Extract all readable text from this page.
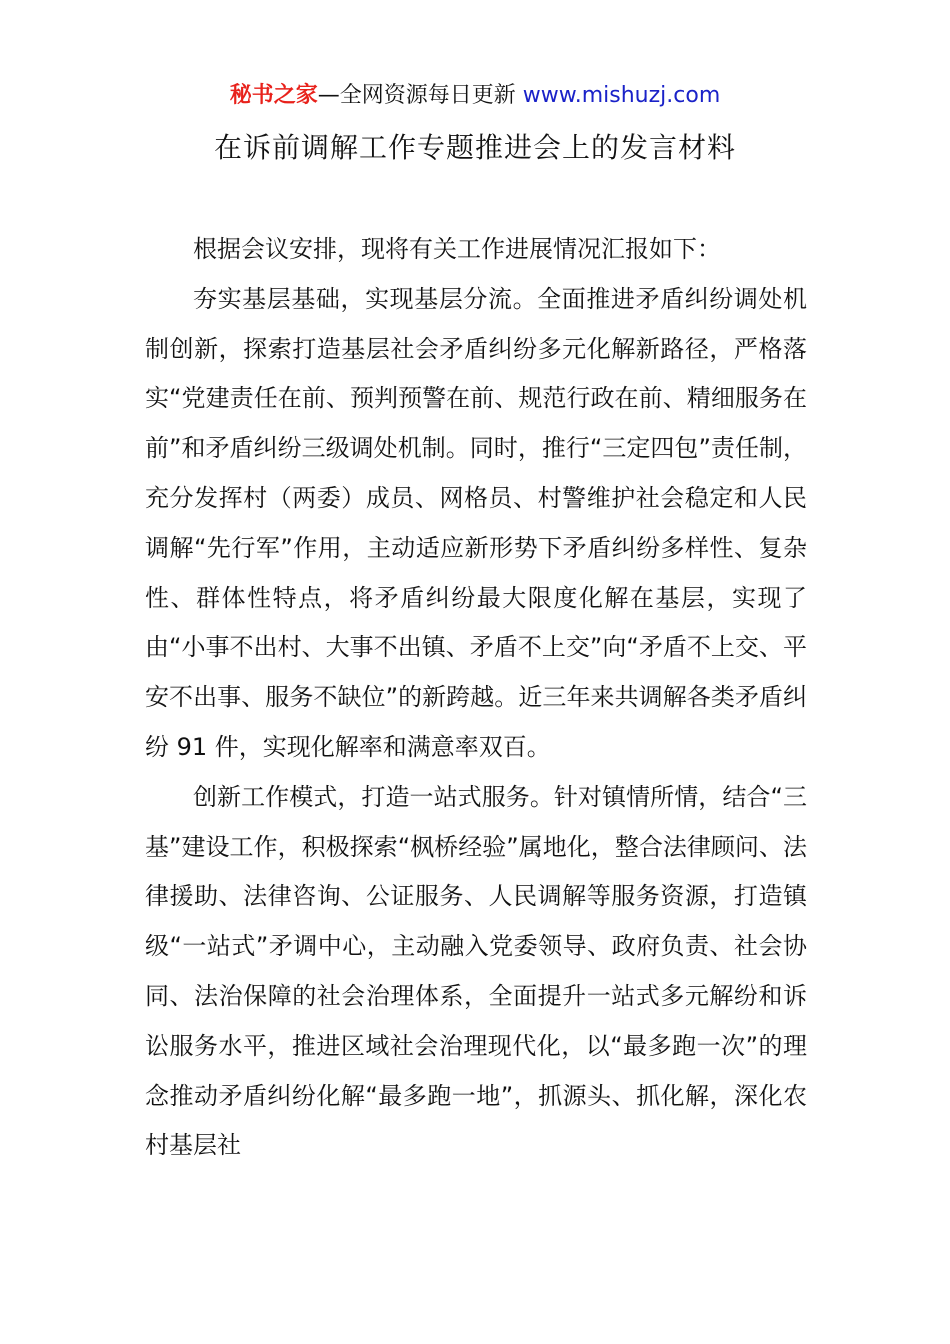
秘书之家—全网资源每日更新 www.mishuzj.com
在诉前调解工作专题推进会上的发言材料

根据会议安排，现将有关工作进展情况汇报如下：

夯实基层基础，实现基层分流。全面推进矛盾纠纷调处机制创新，探索打造基层社会矛盾纠纷多元化解新路径，严格落实“党建责任在前、预判预警在前、规范行政在前、精细服务在前”和矛盾纠纷三级调处机制。同时，推行“三定四包”责任制，充分发挥村（两委）成员、网格员、村警维护社会稳定和人民调解“先行军”作用，主动适应新形势下矛盾纠纷多样性、复杂性、群体性特点，将矛盾纠纷最大限度化解在基层，实现了由“小事不出村、大事不出镇、矛盾不上交”向“矛盾不上交、平安不出事、服务不缺位”的新跨越。近三年来共调解各类矛盾纠纷 91 件，实现化解率和满意率双百。

创新工作模式，打造一站式服务。针对镇情所情，结合“三基”建设工作，积极探索“枫桥经验”属地化，整合法律顾问、法律援助、法律咨询、公证服务、人民调解等服务资源，打造镇级“一站式”矛调中心，主动融入党委领导、政府负责、社会协同、法治保障的社会治理体系，全面提升一站式多元解纷和诉讼服务水平，推进区域社会治理现代化，以“最多跑一次”的理念推动矛盾纠纷化解“最多跑一地”，抓源头、抓化解，深化农村基层社
